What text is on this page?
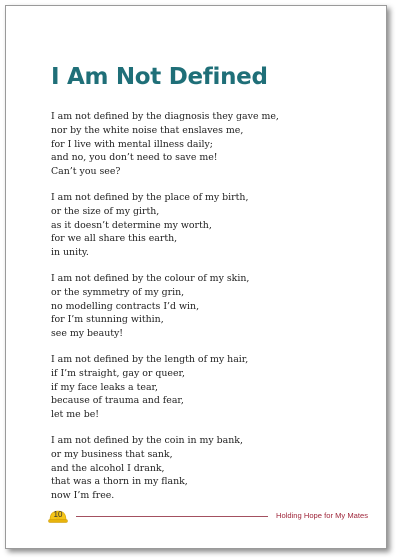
I Am Not Defined
I am not defined by the diagnosis they gave me,
nor by the white noise that enslaves me,
for I live with mental illness daily;
and no, you don’t need to save me!
Can’t you see?
I am not defined by the place of my birth,
or the size of my girth,
as it doesn’t determine my worth,
for we all share this earth,
in unity.
I am not defined by the colour of my skin,
or the symmetry of my grin,
no modelling contracts I’d win,
for I’m stunning within,
see my beauty!
I am not defined by the length of my hair,
if I’m straight, gay or queer,
if my face leaks a tear,
because of trauma and fear,
let me be!
I am not defined by the coin in my bank,
or my business that sank,
and the alcohol I drank,
that was a thorn in my flank,
now I’m free.
10	Holding Hope for My Mates
